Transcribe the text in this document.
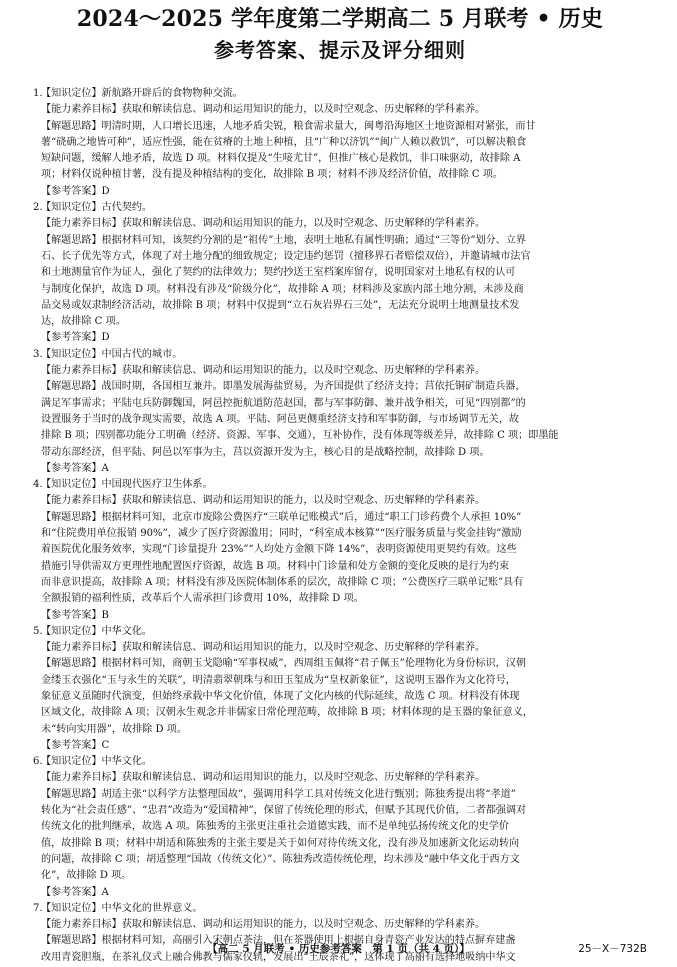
2024～2025 学年度第二学期高二 5 月联考 • 历史
参考答案、提示及评分细则
1.【知识定位】新航路开辟后的食物物种交流。
【能力素养目标】获取和解读信息、调动和运用知识的能力，以及时空观念、历史解释的学科素养。
【解题思路】明清时期，人口增长迅速，人地矛盾尖锐，粮食需求量大，闽粤沿海地区土地资源相对紧张，而甘
薯“硗确之地皆可种”，适应性强，能在贫瘠的土地上种植，且“广种以济饥”“闽广人赖以救饥”，可以解决粮食
短缺问题，缓解人地矛盾，故选 D 项。材料仅提及“生唼尤甘”，但推广核心是救饥，非口味驱动，故排除 A
项；材料仅说种植甘薯，没有提及种植结构的变化，故排除 B 项；材料不涉及经济价值，故排除 C 项。
【参考答案】D
2.【知识定位】古代契约。
【能力素养目标】获取和解读信息、调动和运用知识的能力，以及时空观念、历史解释的学科素养。
【解题思路】根据材料可知，该契约分割的是“祖传”土地，表明土地私有属性明确；通过“三等份”划分、立界
石、长子优先等方式，体现了对土地分配的细致规定；设定违约惩罚（擅移界石者赔偿双倍），并邀请城市法官
和土地测量官作为证人，强化了契约的法律效力；契约抄送王室档案库留存，说明国家对土地私有权的认可
与制度化保护，故选 D 项。材料没有涉及“阶级分化”，故排除 A 项；材料涉及家族内部土地分割，未涉及商
品交易或奴隶制经济活动，故排除 B 项；材料中仅提到“立石灰岩界石三处”，无法充分说明土地测量技术发
达，故排除 C 项。
【参考答案】D
3.【知识定位】中国古代的城市。
【能力素养目标】获取和解读信息、调动和运用知识的能力，以及时空观念、历史解释的学科素养。
【解题思路】战国时期，各国相互兼并。即墨发展海盐贸易，为齐国提供了经济支持；莒依托铜矿制造兵器，
满足军事需求；平陆屯兵防御魏国，阿邑控扼航道防范赵国，都与军事防御、兼并战争相关，可见“四别都”的
设置服务于当时的战争现实需要，故选 A 项。平陆、阿邑更侧重经济支持和军事防御，与市场调节无关，故
排除 B 项；四别都功能分工明确（经济、资源、军事、交通），互补协作，没有体现等级差异，故排除 C 项；即墨能
带动东部经济，但平陆、阿邑以军事为主，莒以资源开发为主，核心目的是战略控制，故排除 D 项。
【参考答案】A
4.【知识定位】中国现代医疗卫生体系。
【能力素养目标】获取和解读信息、调动和运用知识的能力，以及时空观念、历史解释的学科素养。
【解题思路】根据材料可知，北京市废除公费医疗“三联单记账模式”后，通过“职工门诊药费个人承担 10%”
和“住院费用单位报销 90%”，减少了医疗资源滥用；同时，“科室成本核算”“医疗服务质量与奖金挂钩”激励
着医院优化服务效率，实现“门诊量提升 23%”“人均处方金额下降 14%”，表明资源使用更契约有效。这些
措施引导供需双方更理性地配置医疗资源，故选 B 项。材料中门诊量和处方金额的变化反映的是行为约束
而非意识提高，故排除 A 项；材料没有涉及医院体制体系的层次，故排除 C 项；“公费医疗三联单记账”具有
全额报销的福利性质，改革后个人需承担门诊费用 10%，故排除 D 项。
【参考答案】B
5.【知识定位】中华文化。
【能力素养目标】获取和解读信息、调动和运用知识的能力，以及时空观念、历史解释的学科素养。
【解题思路】根据材料可知，商朝玉戈隐喻“军事权威”，西周组玉佩将“君子佩玉”伦理物化为身份标识，汉朝
金缕玉衣强化“玉与永生的关联”，明清翡翠朝珠与和田玉玺成为“皇权新象征”，这说明玉器作为文化符号，
象征意义虽随时代演变，但始终承载中华文化价值，体现了文化内核的代际延续，故选 C 项。材料没有体现
区域文化，故排除 A 项；汉朝永生观念并非儒家日常伦理范畴，故排除 B 项；材料体现的是玉器的象征意义，
未“转向实用器”，故排除 D 项。
【参考答案】C
6.【知识定位】中华文化。
【能力素养目标】获取和解读信息、调动和运用知识的能力，以及时空观念、历史解释的学科素养。
【解题思路】胡适主张“以科学方法整理国故”，强调用科学工具对传统文化进行甄别；陈独秀提出将“孝道”
转化为“社会责任感”、“忠君”改造为“爱国精神”，保留了传统伦理的形式，但赋予其现代价值，二者都强调对
传统文化的批判继承，故选 A 项。陈独秀的主张更注重社会道德实践，而不是单纯弘扬传统文化的史学价
值，故排除 B 项；材料中胡适和陈独秀的主张主要是关于如何对待传统文化，没有涉及加速新文化运动转向
的问题，故排除 C 项；胡适整理“国故（传统文化）”、陈独秀改造传统伦理，均未涉及“融中华文化于西方文
化”，故排除 D 项。
【参考答案】A
7.【知识定位】中华文化的世界意义。
【能力素养目标】获取和解读信息、调动和运用知识的能力，以及时空观念、历史解释的学科素养。
【解题思路】根据材料可知，高丽引入宋朝点茶法，但在茶器使用上根据自身青瓷产业发达的特点摒弃建盏
改用青瓷胆瓶，在茶礼仪式上融合佛教与儒家仪轨，发展出“王辰茶礼”，这体现了高丽有选择地吸纳中华文
【高二 5 月联考 • 历史参考答案　第 1 页（共 4 页）】	25－X－732B
